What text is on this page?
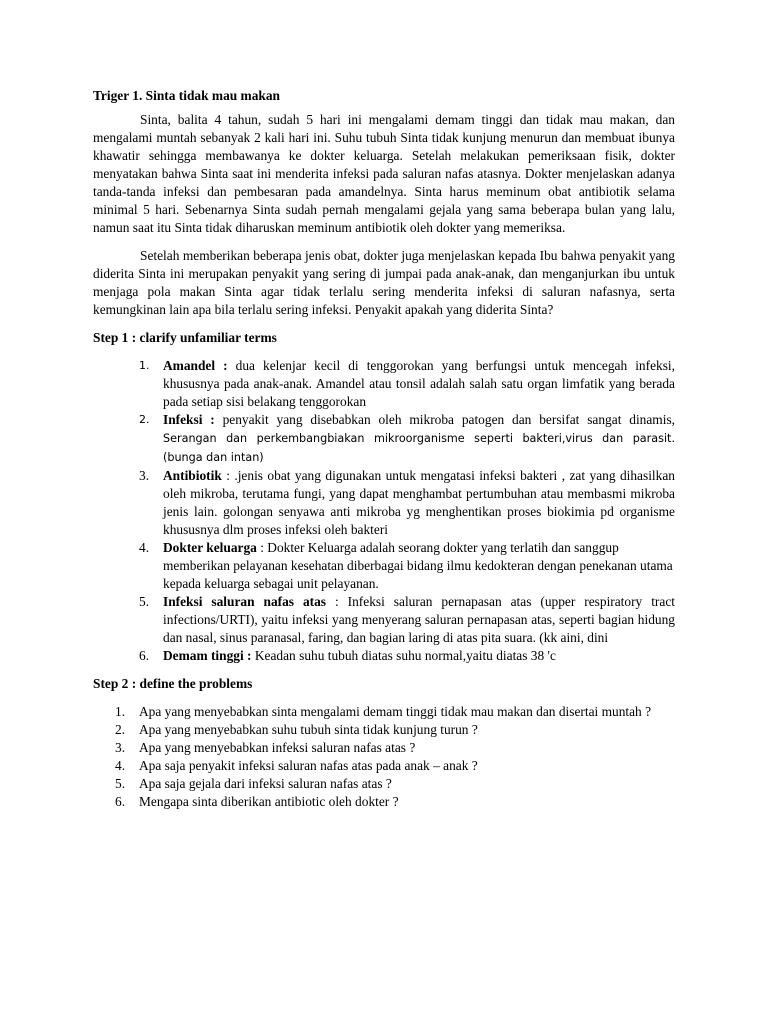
Triger 1. Sinta tidak mau makan

Sinta, balita 4 tahun, sudah 5 hari ini mengalami demam tinggi dan tidak mau makan, dan mengalami muntah sebanyak 2 kali hari ini. Suhu tubuh Sinta tidak kunjung menurun dan membuat ibunya khawatir sehingga membawanya ke dokter keluarga. Setelah melakukan pemeriksaan fisik, dokter menyatakan bahwa Sinta saat ini menderita infeksi pada saluran nafas atasnya. Dokter menjelaskan adanya tanda-tanda infeksi dan pembesaran pada amandelnya. Sinta harus meminum obat antibiotik selama minimal 5 hari. Sebenarnya Sinta sudah pernah mengalami gejala yang sama beberapa bulan yang lalu, namun saat itu Sinta tidak diharuskan meminum antibiotik oleh dokter yang memeriksa.

Setelah memberikan beberapa jenis obat, dokter juga menjelaskan kepada Ibu bahwa penyakit yang diderita Sinta ini merupakan penyakit yang sering di jumpai pada anak-anak, dan menganjurkan ibu untuk menjaga pola makan Sinta agar tidak terlalu sering menderita infeksi di saluran nafasnya, serta kemungkinan lain apa bila terlalu sering infeksi. Penyakit apakah yang diderita Sinta?

Step 1 : clarify unfamiliar terms
1. Amandel : dua kelenjar kecil di tenggorokan yang berfungsi untuk mencegah infeksi, khususnya pada anak-anak. Amandel atau tonsil adalah salah satu organ limfatik yang berada pada setiap sisi belakang tenggorokan
2. Infeksi : penyakit yang disebabkan oleh mikroba patogen dan bersifat sangat dinamis, Serangan dan perkembangbiakan mikroorganisme seperti bakteri,virus dan parasit. (bunga dan intan)
3. Antibiotik : .jenis obat yang digunakan untuk mengatasi infeksi bakteri , zat yang dihasilkan oleh mikroba, terutama fungi, yang dapat menghambat pertumbuhan atau membasmi mikroba jenis lain. golongan senyawa anti mikroba yg menghentikan proses biokimia pd organisme khususnya dlm proses infeksi oleh bakteri
4. Dokter keluarga : Dokter Keluarga adalah seorang dokter yang terlatih dan sanggup

memberikan pelayanan kesehatan diberbagai bidang ilmu kedokteran dengan penekanan utama kepada keluarga sebagai unit pelayanan.
5. Infeksi saluran nafas atas : Infeksi saluran pernapasan atas (upper respiratory tract infections/URTI), yaitu infeksi yang menyerang saluran pernapasan atas, seperti bagian hidung dan nasal, sinus paranasal, faring, dan bagian laring di atas pita suara. (kk aini, dini
6. Demam tinggi : Keadan suhu tubuh diatas suhu normal,yaitu diatas 38 'c
Step 2 : define the problems
1. Apa yang menyebabkan sinta mengalami demam tinggi tidak mau makan dan disertai muntah ?
2. Apa yang menyebabkan suhu tubuh sinta tidak kunjung turun ?
3. Apa yang menyebabkan infeksi saluran nafas atas ?
4. Apa saja penyakit infeksi saluran nafas atas pada anak – anak ?
5. Apa saja gejala dari infeksi saluran nafas atas ?
6. Mengapa sinta diberikan antibiotic oleh dokter ?
